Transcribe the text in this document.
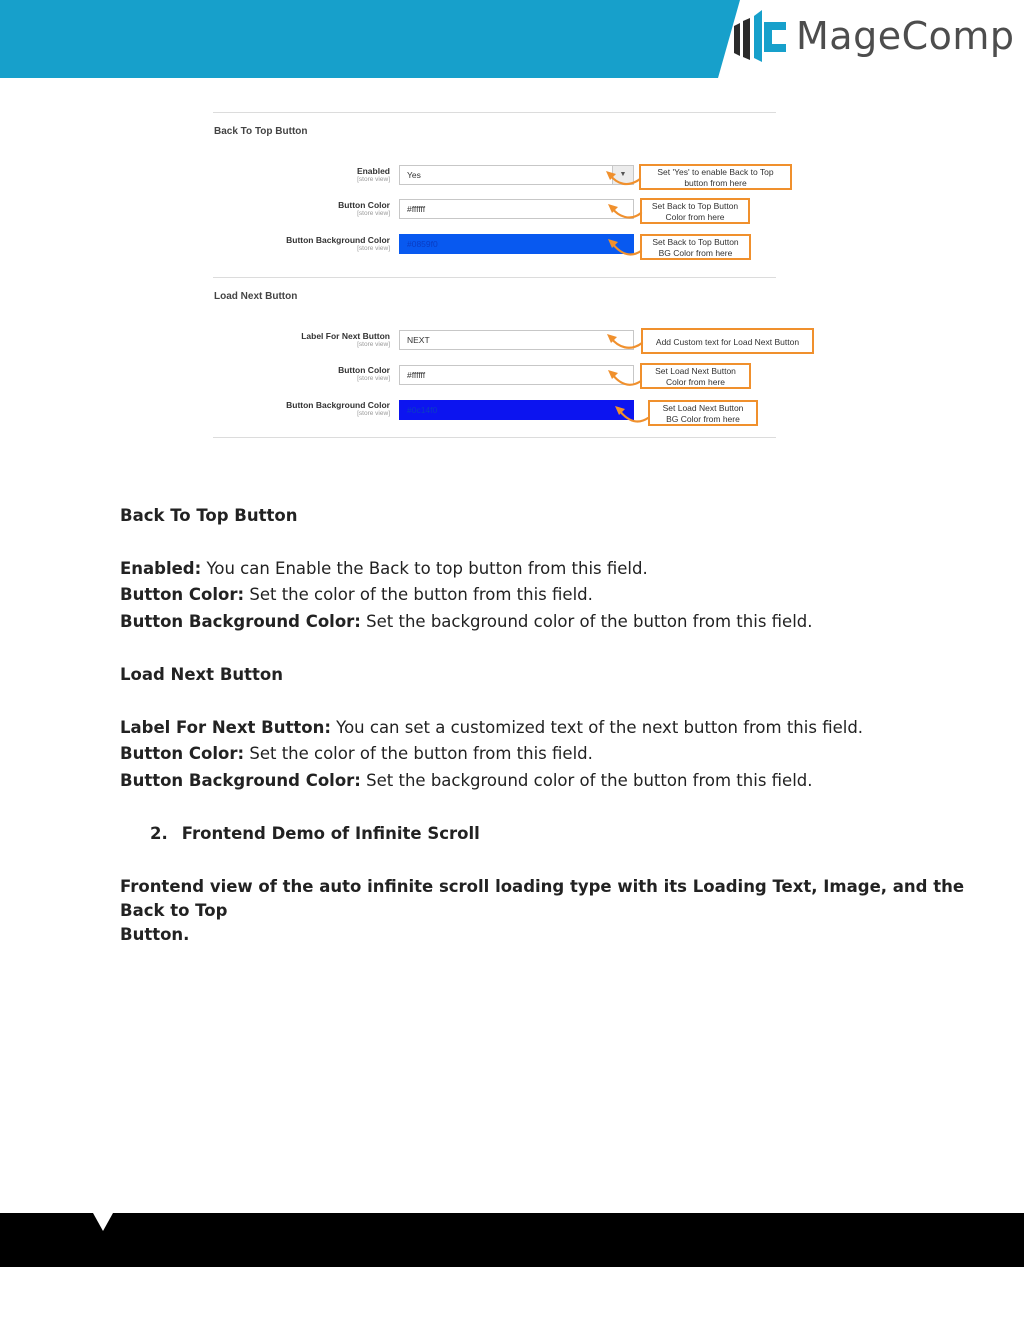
MageComp
Back To Top Button
Enabled
[store view]	Yes	▼	Set 'Yes' to enable Back to Top
button from here
Button Color
[store view]	#ffffff	Set Back to Top Button
Color from here
Button Background Color
[store view]	#0859f0	Set Back to Top Button
BG Color from here
Load Next Button
Label For Next Button
[store view]	NEXT	Add Custom text for Load Next Button
Button Color
[store view]	#ffffff	Set Load Next Button
Color from here
Button Background Color
[store view]	#0c14f0	Set Load Next Button
BG Color from here
Back To Top Button
Enabled: You can Enable the Back to top button from this field.
Button Color: Set the color of the button from this field.
Button Background Color: Set the background color of the button from this field.
Load Next Button
Label For Next Button: You can set a customized text of the next button from this field.
Button Color: Set the color of the button from this field.
Button Background Color: Set the background color of the button from this field.
2. Frontend Demo of Infinite Scroll
Frontend view of the auto infinite scroll loading type with its Loading Text, Image, and the Back to Top
Button.
